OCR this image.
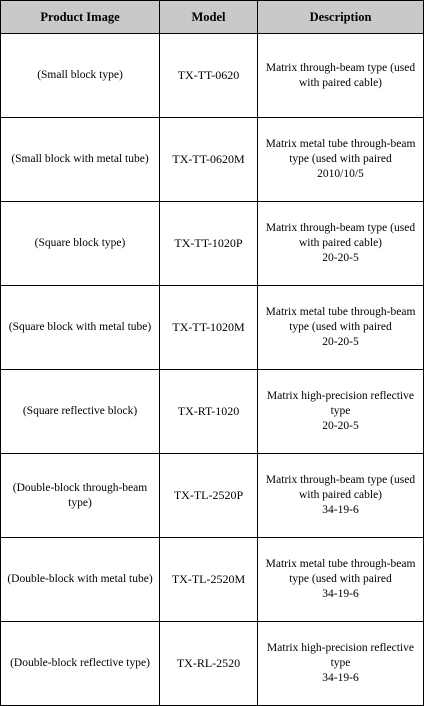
Product Image	Model	Description
(Small block type)	TX-TT-0620	Matrix through-beam type (used with paired cable)

(Small block with metal tube)	TX-TT-0620M	Matrix metal tube through-beam type (used with paired
2010/10/5

(Square block type)	TX-TT-1020P	Matrix through-beam type (used with paired cable)
20-20-5

(Square block with metal tube)	TX-TT-1020M	Matrix metal tube through-beam type (used with paired
20-20-5

(Square reflective block)	TX-RT-1020	Matrix high-precision reflective type
20-20-5

(Double-block through-beam type)	TX-TL-2520P	Matrix through-beam type (used with paired cable)
34-19-6

(Double-block with metal tube)	TX-TL-2520M	Matrix metal tube through-beam type (used with paired
34-19-6

(Double-block reflective type)	TX-RL-2520	Matrix high-precision reflective type
34-19-6
